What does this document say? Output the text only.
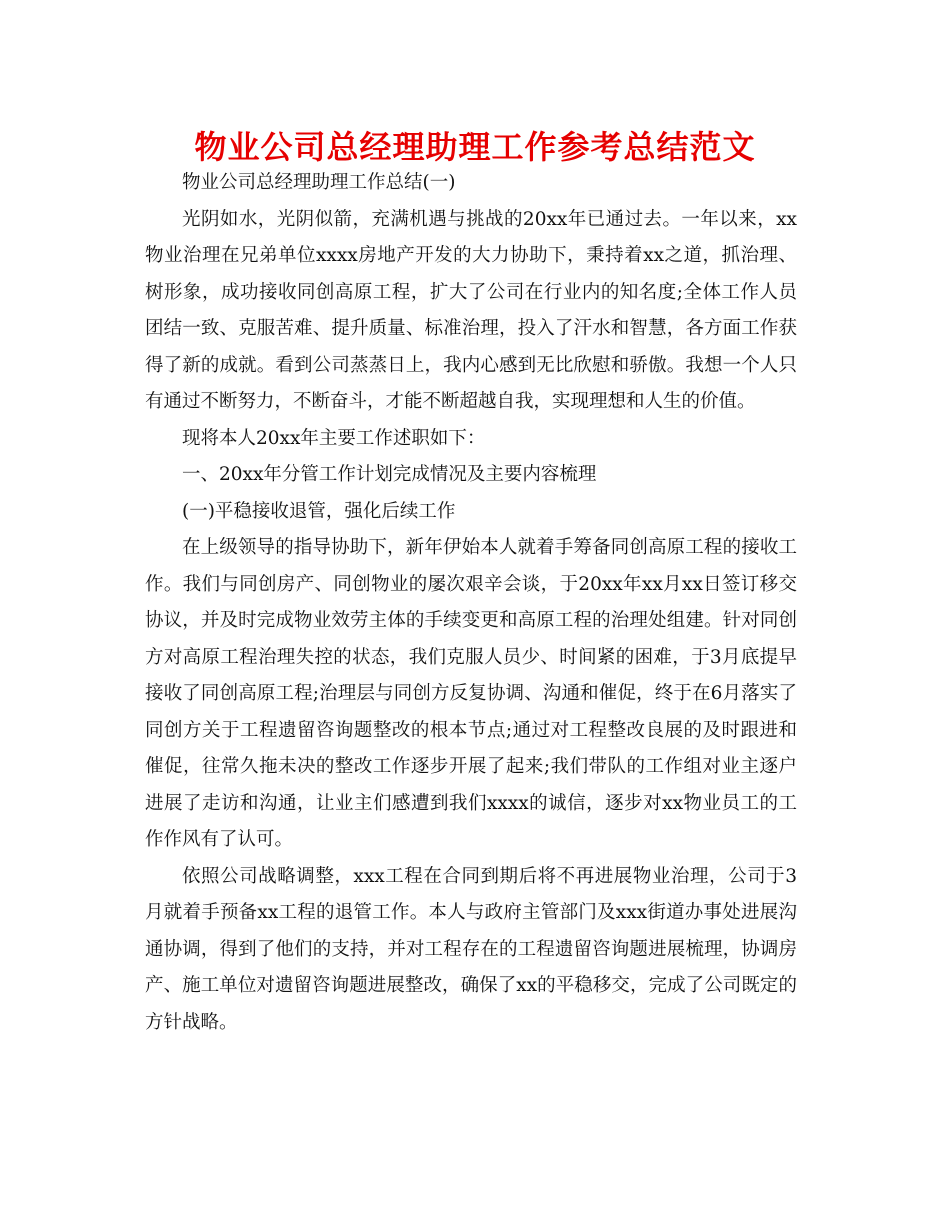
物业公司总经理助理工作参考总结范文

物业公司总经理助理工作总结(一)

光阴如水，光阴似箭，充满机遇与挑战的20xx年已通过去。一年以来，xx物业治理在兄弟单位xxxx房地产开发的大力协助下，秉持着xx之道，抓治理、树形象，成功接收同创高原工程，扩大了公司在行业内的知名度;全体工作人员团结一致、克服苦难、提升质量、标准治理，投入了汗水和智慧，各方面工作获得了新的成就。看到公司蒸蒸日上，我内心感到无比欣慰和骄傲。我想一个人只有通过不断努力，不断奋斗，才能不断超越自我，实现理想和人生的价值。

现将本人20xx年主要工作述职如下：

一、20xx年分管工作计划完成情况及主要内容梳理

(一)平稳接收退管，强化后续工作

在上级领导的指导协助下，新年伊始本人就着手筹备同创高原工程的接收工作。我们与同创房产、同创物业的屡次艰辛会谈，于20xx年xx月xx日签订移交协议，并及时完成物业效劳主体的手续变更和高原工程的治理处组建。针对同创方对高原工程治理失控的状态，我们克服人员少、时间紧的困难，于3月底提早接收了同创高原工程;治理层与同创方反复协调、沟通和催促，终于在6月落实了同创方关于工程遗留咨询题整改的根本节点;通过对工程整改良展的及时跟进和催促，往常久拖未决的整改工作逐步开展了起来;我们带队的工作组对业主逐户进展了走访和沟通，让业主们感遭到我们xxxx的诚信，逐步对xx物业员工的工作作风有了认可。

依照公司战略调整，xxx工程在合同到期后将不再进展物业治理，公司于3月就着手预备xx工程的退管工作。本人与政府主管部门及xxx街道办事处进展沟通协调，得到了他们的支持，并对工程存在的工程遗留咨询题进展梳理，协调房产、施工单位对遗留咨询题进展整改，确保了xx的平稳移交，完成了公司既定的方针战略。
